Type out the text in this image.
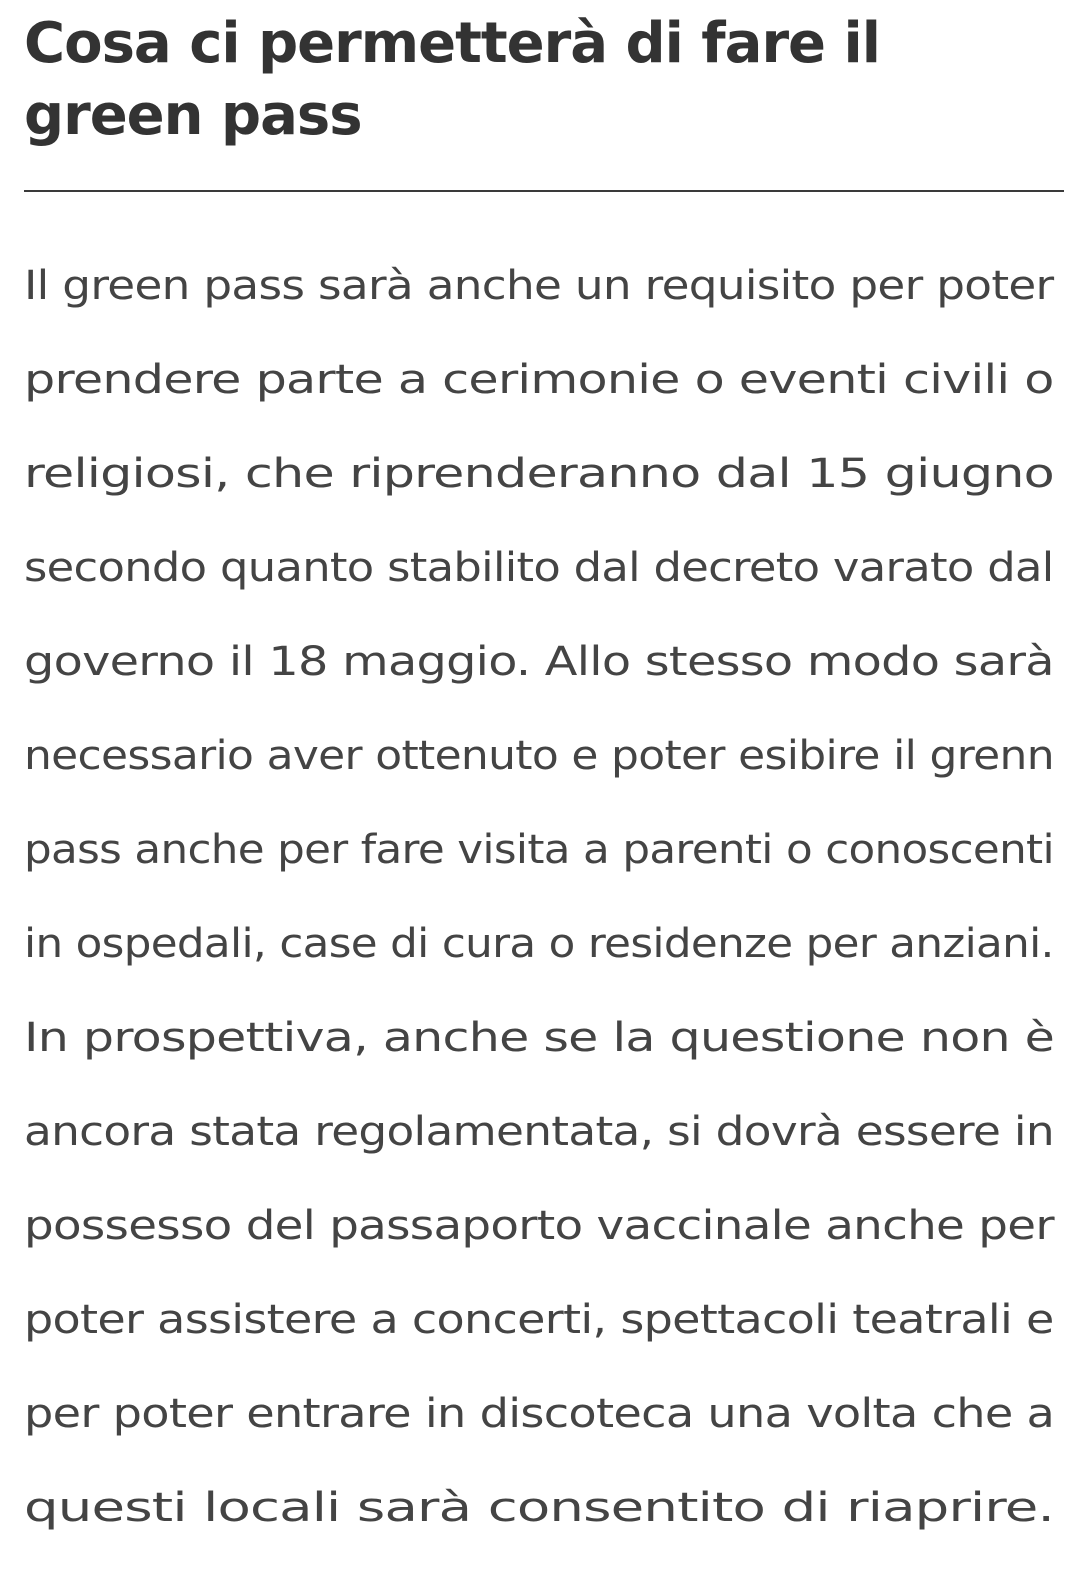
Cosa ci permetterà di fare il green pass

Il green pass sarà anche un requisito per poter
prendere parte a cerimonie o eventi civili o
religiosi, che riprenderanno dal 15 giugno
secondo quanto stabilito dal decreto varato dal
governo il 18 maggio. Allo stesso modo sarà
necessario aver ottenuto e poter esibire il grenn
pass anche per fare visita a parenti o conoscenti
in ospedali, case di cura o residenze per anziani.
In prospettiva, anche se la questione non è
ancora stata regolamentata, si dovrà essere in
possesso del passaporto vaccinale anche per
poter assistere a concerti, spettacoli teatrali e
per poter entrare in discoteca una volta che a
questi locali sarà consentito di riaprire.
